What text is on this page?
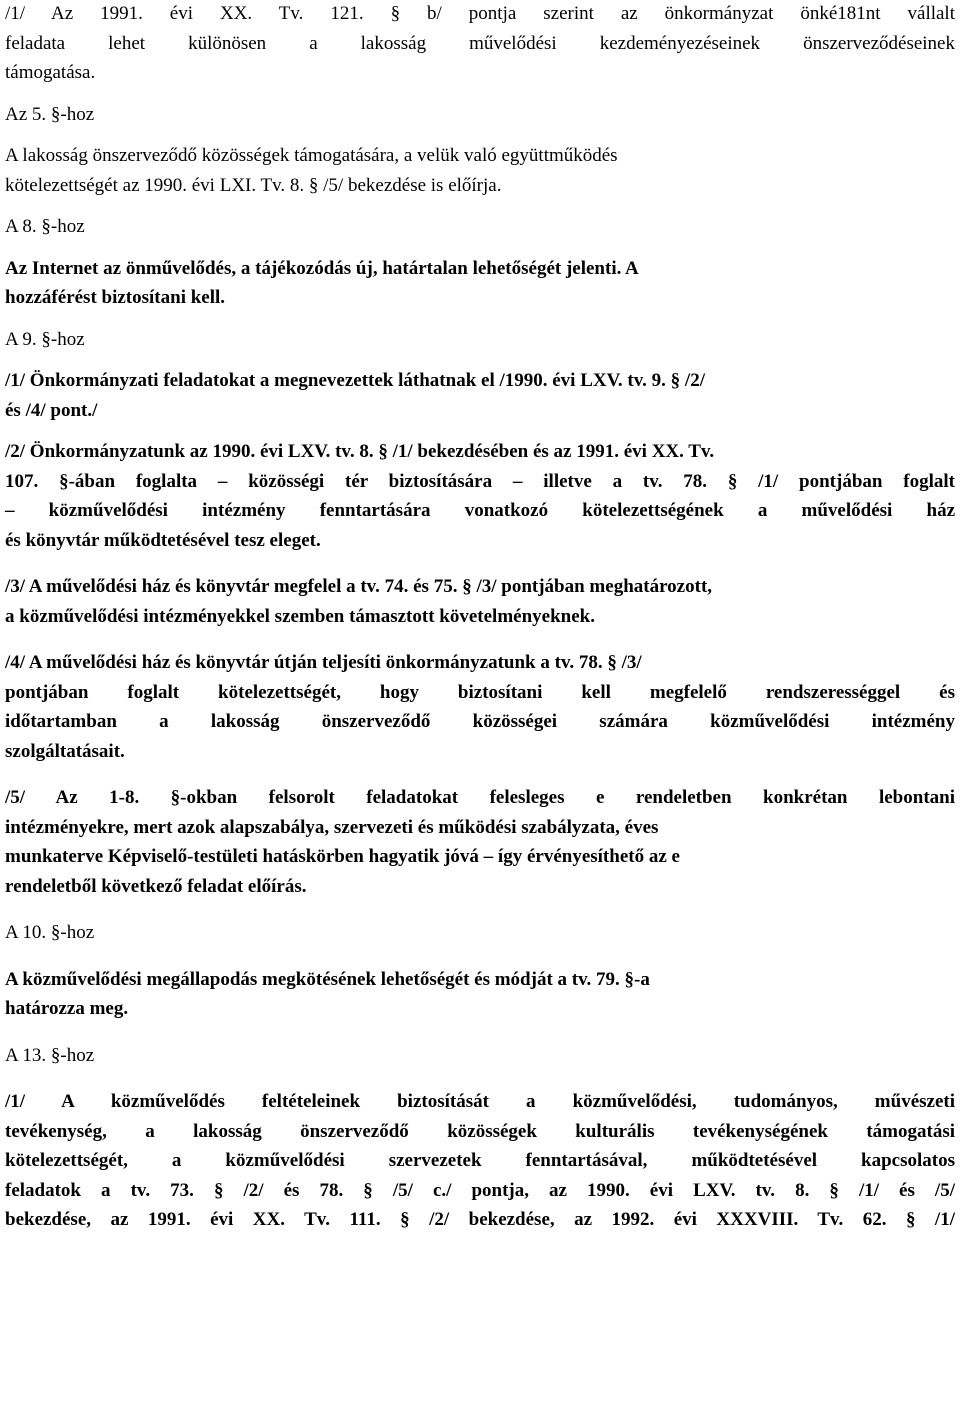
/1/ Az 1991. évi XX. Tv. 121. § b/ pontja szerint az önkormányzat önké181nt vállalt
feladata lehet különösen a lakosság művelődési kezdeményezéseinek önszerveződéseinek
támogatása.

Az 5. §-hoz

A lakosság önszerveződő közösségek támogatására, a velük való együttműködés
kötelezettségét az 1990. évi LXI. Tv. 8. § /5/ bekezdése is előírja.

A 8. §-hoz

Az Internet az önművelődés, a tájékozódás új, határtalan lehetőségét jelenti. A
hozzáférést biztosítani kell.

A 9. §-hoz

/1/ Önkormányzati feladatokat a megnevezettek láthatnak el /1990. évi LXV. tv. 9. § /2/
és /4/ pont./

/2/ Önkormányzatunk az 1990. évi LXV. tv. 8. § /1/ bekezdésében és az 1991. évi XX. Tv.
107. §-ában foglalta – közösségi tér biztosítására – illetve a tv. 78. § /1/ pontjában foglalt
– közművelődési intézmény fenntartására vonatkozó kötelezettségének a művelődési ház
és könyvtár működtetésével tesz eleget.

/3/ A művelődési ház és könyvtár megfelel a tv. 74. és 75. § /3/ pontjában meghatározott,
a közművelődési intézményekkel szemben támasztott követelményeknek.

/4/ A művelődési ház és könyvtár útján teljesíti önkormányzatunk a tv. 78. § /3/
pontjában foglalt kötelezettségét, hogy biztosítani kell megfelelő rendszerességgel és
időtartamban a lakosság önszerveződő közösségei számára közművelődési intézmény
szolgáltatásait.

/5/ Az 1-8. §-okban felsorolt feladatokat felesleges e rendeletben konkrétan lebontani
intézményekre, mert azok alapszabálya, szervezeti és működési szabályzata, éves
munkaterve Képviselő-testületi hatáskörben hagyatik jóvá – így érvényesíthető az e
rendeletből következő feladat előírás.

A 10. §-hoz

A közművelődési megállapodás megkötésének lehetőségét és módját a tv. 79. §-a
határozza meg.

A 13. §-hoz

/1/ A közművelődés feltételeinek biztosítását a közművelődési, tudományos, művészeti
tevékenység, a lakosság önszerveződő közösségek kulturális tevékenységének támogatási
kötelezettségét, a közművelődési szervezetek fenntartásával, működtetésével kapcsolatos
feladatok a tv. 73. § /2/ és 78. § /5/ c./ pontja, az 1990. évi LXV. tv. 8. § /1/ és /5/
bekezdése, az 1991. évi XX. Tv. 111. § /2/ bekezdése, az 1992. évi XXXVIII. Tv. 62. § /1/
